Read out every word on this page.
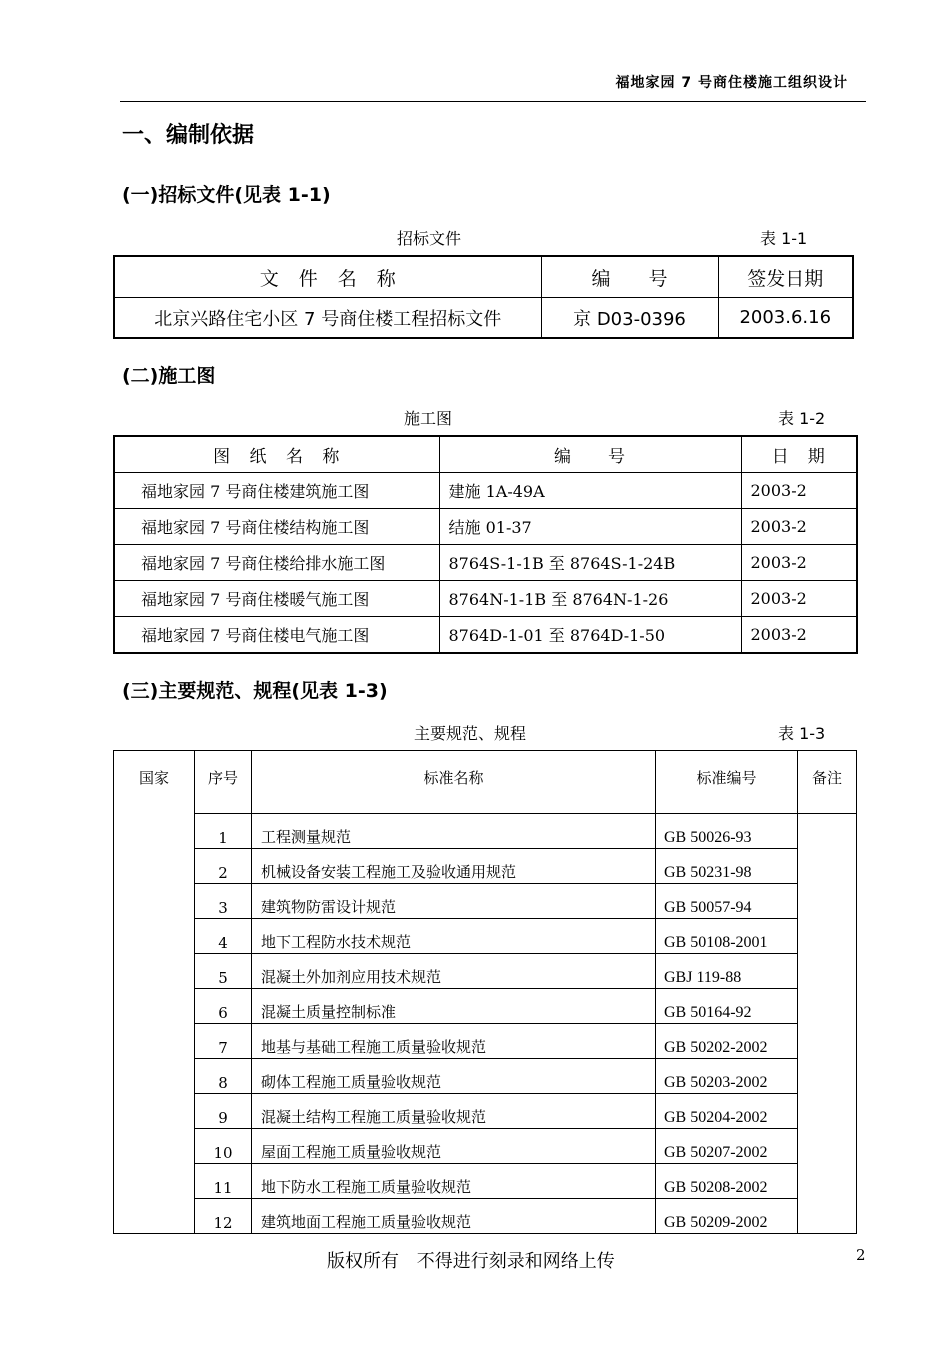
福地家园 7 号商住楼施工组织设计
一、编制依据
(一)招标文件(见表 1-1)
招标文件	表 1-1
文 件 名 称	编　　号	签发日期
北京兴路住宅小区 7 号商住楼工程招标文件	京 D03-0396	2003.6.16
(二)施工图
施工图	表 1-2
图 纸 名 称	编　　号	日　期
福地家园 7 号商住楼建筑施工图	建施 1A-49A	2003-2
福地家园 7 号商住楼结构施工图	结施 01-37	2003-2
福地家园 7 号商住楼给排水施工图	8764S-1-1B 至 8764S-1-24B	2003-2
福地家园 7 号商住楼暖气施工图	8764N-1-1B 至 8764N-1-26	2003-2
福地家园 7 号商住楼电气施工图	8764D-1-01 至 8764D-1-50	2003-2
(三)主要规范、规程(见表 1-3)
主要规范、规程	表 1-3
国家	序号	标准名称	标准编号	备注
	1	工程测量规范	GB 50026-93	
	2	机械设备安装工程施工及验收通用规范	GB 50231-98	
	3	建筑物防雷设计规范	GB 50057-94	
	4	地下工程防水技术规范	GB 50108-2001	
	5	混凝土外加剂应用技术规范	GBJ 119-88	
	6	混凝土质量控制标准	GB 50164-92	
	7	地基与基础工程施工质量验收规范	GB 50202-2002	
	8	砌体工程施工质量验收规范	GB 50203-2002	
	9	混凝土结构工程施工质量验收规范	GB 50204-2002	
	10	屋面工程施工质量验收规范	GB 50207-2002	
	11	地下防水工程施工质量验收规范	GB 50208-2002	
	12	建筑地面工程施工质量验收规范	GB 50209-2002	
版权所有 不得进行刻录和网络上传	2
